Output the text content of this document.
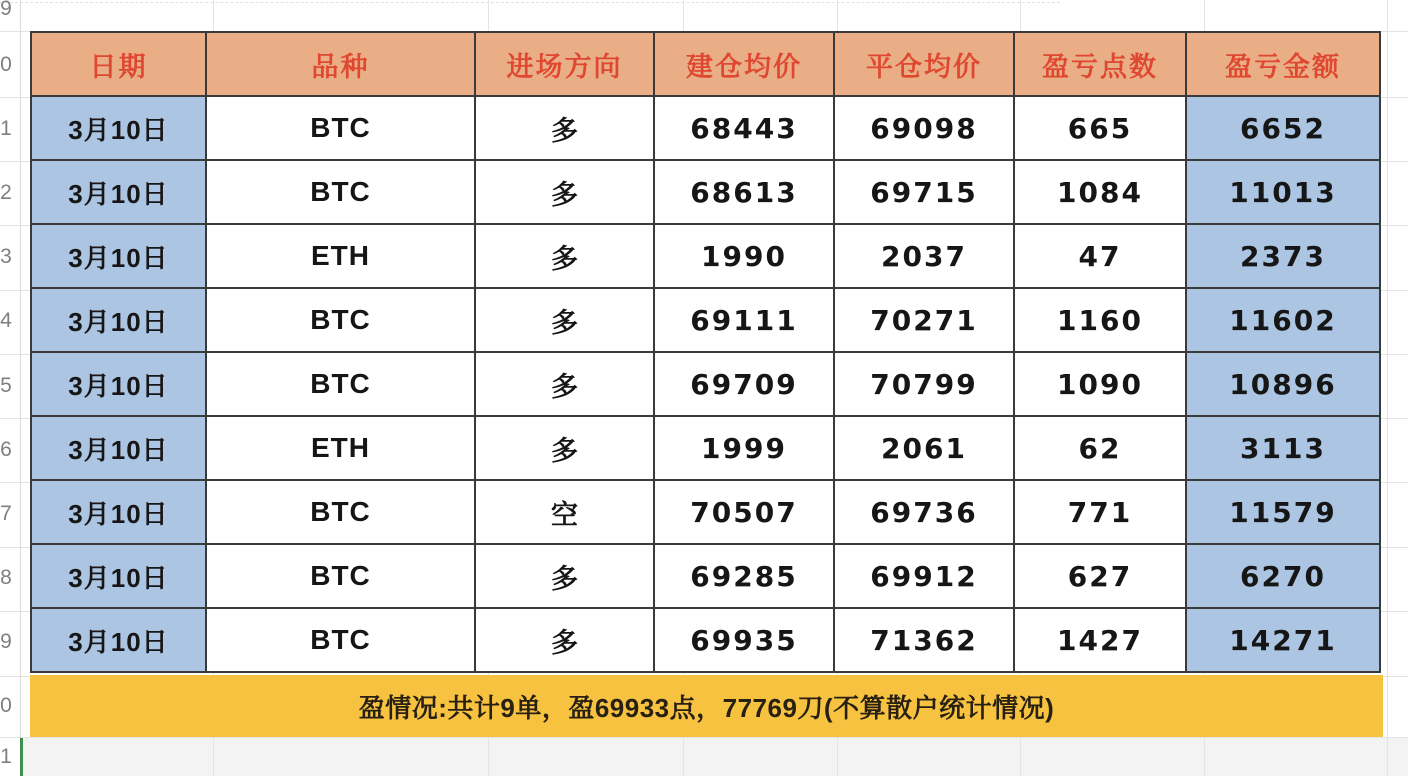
9
0
1
2
3
4
5
6
7
8
9
0
1
日期	品种	进场方向	建仓均价	平仓均价	盈亏点数	盈亏金额
3月10日	BTC	多	68443	69098	665	6652
3月10日	BTC	多	68613	69715	1084	11013
3月10日	ETH	多	1990	2037	47	2373
3月10日	BTC	多	69111	70271	1160	11602
3月10日	BTC	多	69709	70799	1090	10896
3月10日	ETH	多	1999	2061	62	3113
3月10日	BTC	空	70507	69736	771	11579
3月10日	BTC	多	69285	69912	627	6270
3月10日	BTC	多	69935	71362	1427	14271
盈情况:共计9单，盈69933点，77769刀(不算散户统计情况)
